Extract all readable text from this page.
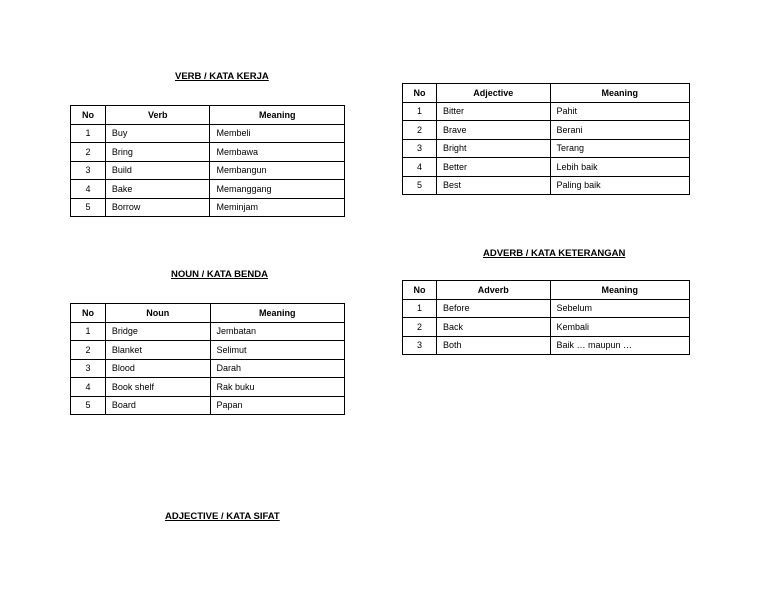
VERB / KATA KERJA
No	Verb	Meaning
1	Buy	Membeli
2	Bring	Membawa
3	Build	Membangun
4	Bake	Memanggang
5	Borrow	Meminjam
NOUN / KATA BENDA
No	Noun	Meaning
1	Bridge	Jembatan
2	Blanket	Selimut
3	Blood	Darah
4	Book shelf	Rak buku
5	Board	Papan
ADJECTIVE / KATA SIFAT
No	Adjective	Meaning
1	Bitter	Pahit
2	Brave	Berani
3	Bright	Terang
4	Better	Lebih baik
5	Best	Paling baik
ADVERB / KATA KETERANGAN
No	Adverb	Meaning
1	Before	Sebelum
2	Back	Kembali
3	Both	Baik … maupun …
